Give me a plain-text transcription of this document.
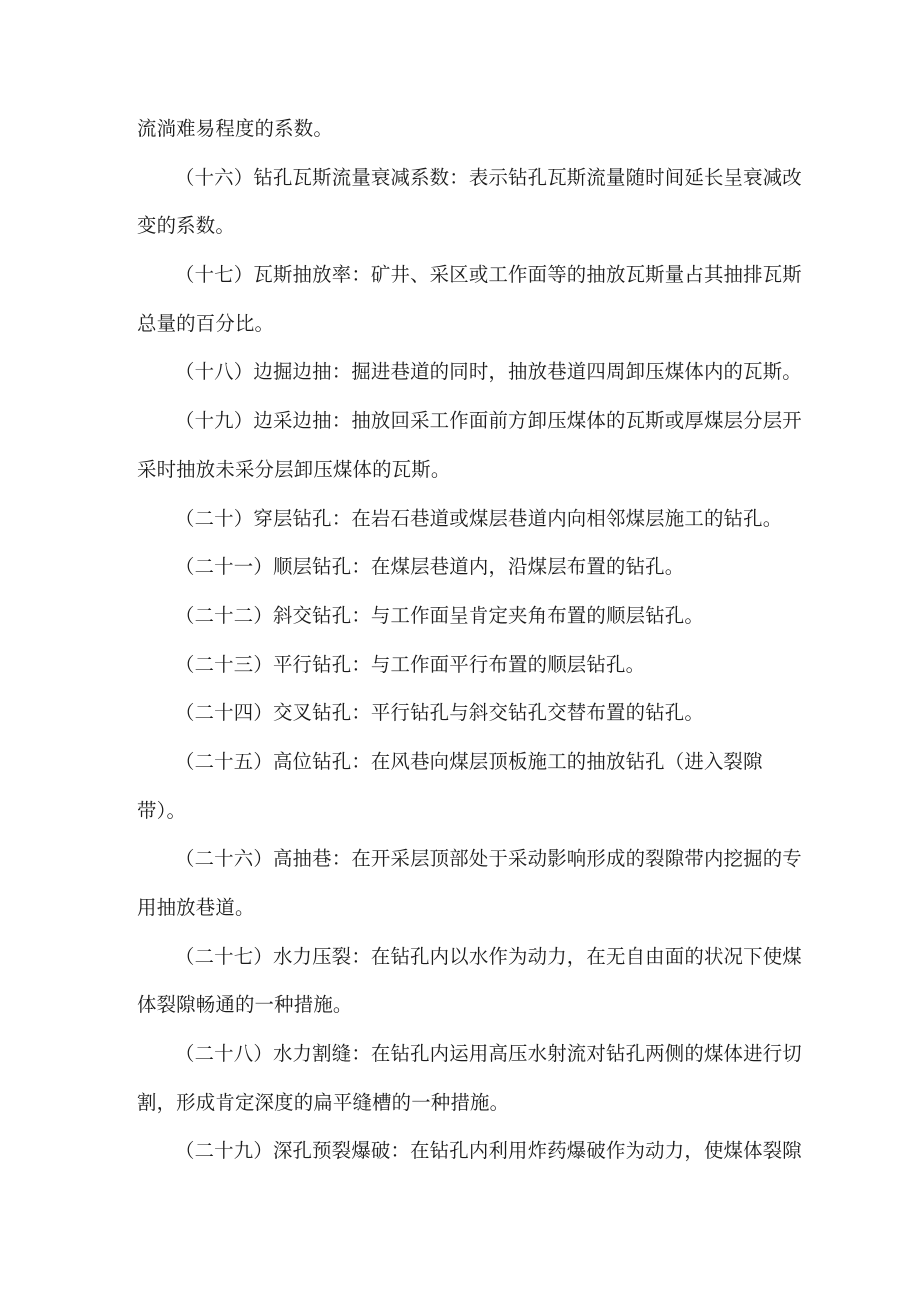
流淌难易程度的系数。
（十六）钻孔瓦斯流量衰减系数：表示钻孔瓦斯流量随时间延长呈衰减改
变的系数。
（十七）瓦斯抽放率：矿井、采区或工作面等的抽放瓦斯量占其抽排瓦斯
总量的百分比。
（十八）边掘边抽：掘进巷道的同时，抽放巷道四周卸压煤体内的瓦斯。
（十九）边采边抽：抽放回采工作面前方卸压煤体的瓦斯或厚煤层分层开
采时抽放未采分层卸压煤体的瓦斯。
（二十）穿层钻孔：在岩石巷道或煤层巷道内向相邻煤层施工的钻孔。
（二十一）顺层钻孔：在煤层巷道内，沿煤层布置的钻孔。
（二十二）斜交钻孔：与工作面呈肯定夹角布置的顺层钻孔。
（二十三）平行钻孔：与工作面平行布置的顺层钻孔。
（二十四）交叉钻孔：平行钻孔与斜交钻孔交替布置的钻孔。
（二十五）高位钻孔：在风巷向煤层顶板施工的抽放钻孔（进入裂隙
带）。
（二十六）高抽巷：在开采层顶部处于采动影响形成的裂隙带内挖掘的专
用抽放巷道。
（二十七）水力压裂：在钻孔内以水作为动力，在无自由面的状况下使煤
体裂隙畅通的一种措施。
（二十八）水力割缝：在钻孔内运用高压水射流对钻孔两侧的煤体进行切
割，形成肯定深度的扁平缝槽的一种措施。
（二十九）深孔预裂爆破：在钻孔内利用炸药爆破作为动力，使煤体裂隙
